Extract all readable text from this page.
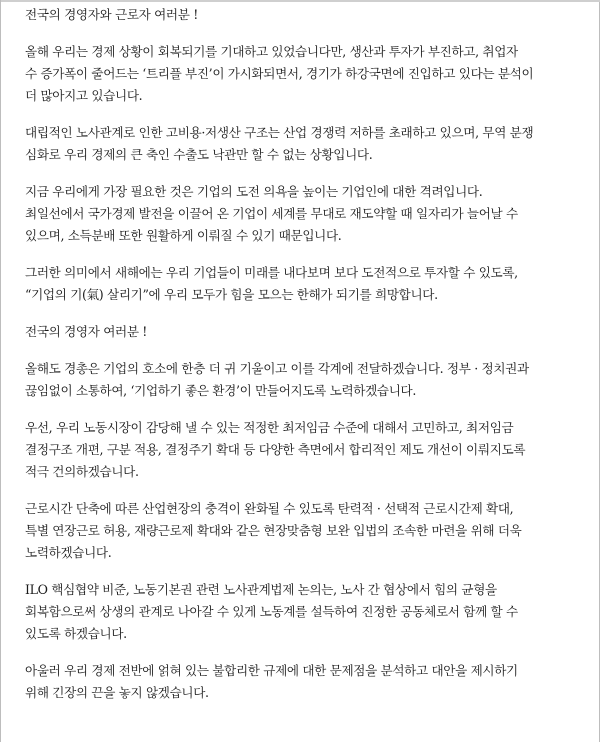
전국의 경영자와 근로자 여러분 !

올해 우리는 경제 상황이 회복되기를 기대하고 있었습니다만, 생산과 투자가 부진하고, 취업자
수 증가폭이 줄어드는 ‘트리플 부진’이 가시화되면서, 경기가 하강국면에 진입하고 있다는 분석이
더 많아지고 있습니다.

대립적인 노사관계로 인한 고비용·저생산 구조는 산업 경쟁력 저하를 초래하고 있으며, 무역 분쟁
심화로 우리 경제의 큰 축인 수출도 낙관만 할 수 없는 상황입니다.

지금 우리에게 가장 필요한 것은 기업의 도전 의욕을 높이는 기업인에 대한 격려입니다.
최일선에서 국가경제 발전을 이끌어 온 기업이 세계를 무대로 재도약할 때 일자리가 늘어날 수
있으며, 소득분배 또한 원활하게 이뤄질 수 있기 때문입니다.

그러한 의미에서 새해에는 우리 기업들이 미래를 내다보며 보다 도전적으로 투자할 수 있도록,
“기업의 기(氣) 살리기”에 우리 모두가 힘을 모으는 한해가 되기를 희망합니다.

전국의 경영자 여러분 !

올해도 경총은 기업의 호소에 한층 더 귀 기울이고 이를 각계에 전달하겠습니다. 정부 · 정치권과
끊임없이 소통하여, ‘기업하기 좋은 환경’이 만들어지도록 노력하겠습니다.

우선, 우리 노동시장이 감당해 낼 수 있는 적정한 최저임금 수준에 대해서 고민하고, 최저임금
결정구조 개편, 구분 적용, 결정주기 확대 등 다양한 측면에서 합리적인 제도 개선이 이뤄지도록
적극 건의하겠습니다.

근로시간 단축에 따른 산업현장의 충격이 완화될 수 있도록 탄력적 · 선택적 근로시간제 확대,
특별 연장근로 허용, 재량근로제 확대와 같은 현장맞춤형 보완 입법의 조속한 마련을 위해 더욱
노력하겠습니다.

ILO 핵심협약 비준, 노동기본권 관련 노사관계법제 논의는, 노사 간 협상에서 힘의 균형을
회복함으로써 상생의 관계로 나아갈 수 있게 노동계를 설득하여 진정한 공동체로서 함께 할 수
있도록 하겠습니다.

아울러 우리 경제 전반에 얽혀 있는 불합리한 규제에 대한 문제점을 분석하고 대안을 제시하기
위해 긴장의 끈을 놓지 않겠습니다.
